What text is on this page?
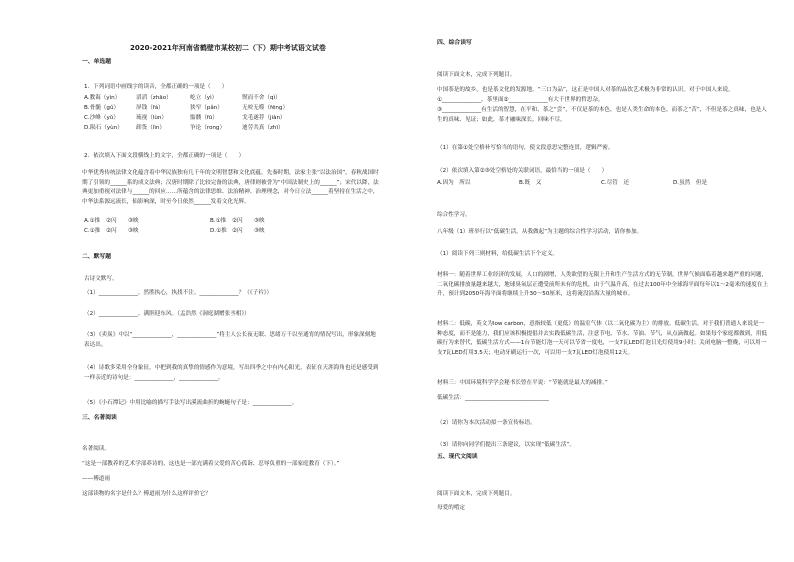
2020-2021年河南省鹤壁市某校初二（下）期中考试语文试卷
一、单选题
1．下列词语中画线字的读音，全都正确的一项是（　　）
A.教诲（yìn）	滔滔（zhāo）	屹立（yì）	锲而不舍（qì）
B.骨髓（gǔ）	屏钱（fá）	狭窄（pǎn）	无咬无噬（fēng）
C.沙峰（yǔ）	琉视（lùn）	骷髅（fū）	戈毛遂荐（jiàn）
D.陨石（yùn） 卸货（lìn）	争论（rong）	迪劳共真（zhī）
2．依次填入下面文段横线上的文字，全都正确的一项是（　　）
中华优秀传统法律文化蕴含着中华民族独有几千年的文明智慧和文化底蕴。先秦时期，法家主张“以法治国”，春秋战国时期了引领的______系的成文法典；汉唐时期除了比较完备的法典，唐律则被誉为“中国法制史上的______”；宋代以降，法典更加重视对法律与______的回应……所蕴含的法律思维、法治精神、治理理念，对今日立法______着坚持在生活之中，中华法系源远流长，仙影响深，时至今日依然______发着文化光辉。
A.①推 ②闪 ③映	B.①推 ②闪 ③映
C.①推 ②闪 ③映	D.①推 ②闪 ③映
二、默写题
古诗文默写。
（1）______________。然胜执心，执找不注。______________？（《子衿》）
（2）______________。满胆迎东风。（孟浩然《洞庭湖赠张丞相》）
（3）《卖炭》中以“______________，______________”将主人公长夜无眠、思绪万千以至通宵的情况写出，形象深刻地表达出。
（4）诗歌多采用全身象征，中把到我的真挚的情感作为意境，写出四季之中有内心阳光，表征在天涯海角也还是感受到一样亲近的诗句是：______________，______________。
（5）《小石潭记》中用比喻的描写手法写出溪流曲折的蜿蜒句子是：______________。
三、名著阅读
名著阅读。
“这是一部教养的艺术学部养诗的，这也是一部充满着父爱的苦心孤诣、忍辱负重的一部家庭教育（下）。”
——傅道雨
这部读物的名字是什么？傅道雨为什么这样评价它？
四、综合读写
阅读下面文本，完成下列题目。
中国茶是的故乡，也是茶文化的发源地。“三口为品”，这正是中国人对茶的品饮艺术极为非常的认识。对于中国人来说，①______________。茶里面②______________有大千世界的哲思杂。
③______________有生活的智慧，在平和、茶之“尝”，不仅是茶的本色，也是人类生命的本色。而茶之“苦”，不但是茶之真味，也是人生的真味、见证；如此，茶才融味深长，回味不尽。
（1）在第①处空格补写恰当的语句，使文段意思完整连贯，逻辑严密。
（2）依次填入第②③处空格处的关联词语，最恰当的一项是（　　）
A.因为　所以	B.既　又	C.尽管　还	D.虽然　但是
综合性学习。
八年级（1）班举行以“低碳生活，从我做起”为主题的综合性学习活动，请你参加。
（1）阅读下列三则材料，给低碳生活下个定义。
材料一：随着世界工业经济的发展，人口的剧增，人类欲望的无限上升和生产生活方式的无节制，世界气候面临着越来越严重的问题，二氧化碳排放量越来越大，地球臭氧层正遭受前所未有的危机，由于气温升高，在过去100年中全球海平面每年以1～2毫米的速度在上升，预计到2050年海平面将继续上升30～50厘米，这将淹没沿海大量的城市。
材料二：低碳，英文为low carbon，意指较低（更低）的温室气体（以二氧化碳为主）的排放。低碳生活，对于我们普通人来说是一种态度，而不是能力，我们应该积极提倡并去实践低碳生活，注意节电、节水、节油、节气，从点滴做起。如果每个家庭都做到，用低碳行为来替代，低碳生活方式——1台节能灯泡一天可以节省一度电，一支7瓦LED灯泡日光灯使用9小时；关闭电脑一整晚，可以用一支7瓦LED灯用3.5天；电动牙刷运行一次，可以用一支7瓦LED灯泡使用12天。
材料三：中国环境科学学会秘书长曾在平说：“节能就是最大的减排。”
低碳生活：______________________________
（2）请你为本次活动拟一条宣传标语。
（3）请你向同学们提出三条建议，以实现“低碳生活”。
五、现代文阅读
阅读下面文本，完成下列题目。
母爱的啃定
